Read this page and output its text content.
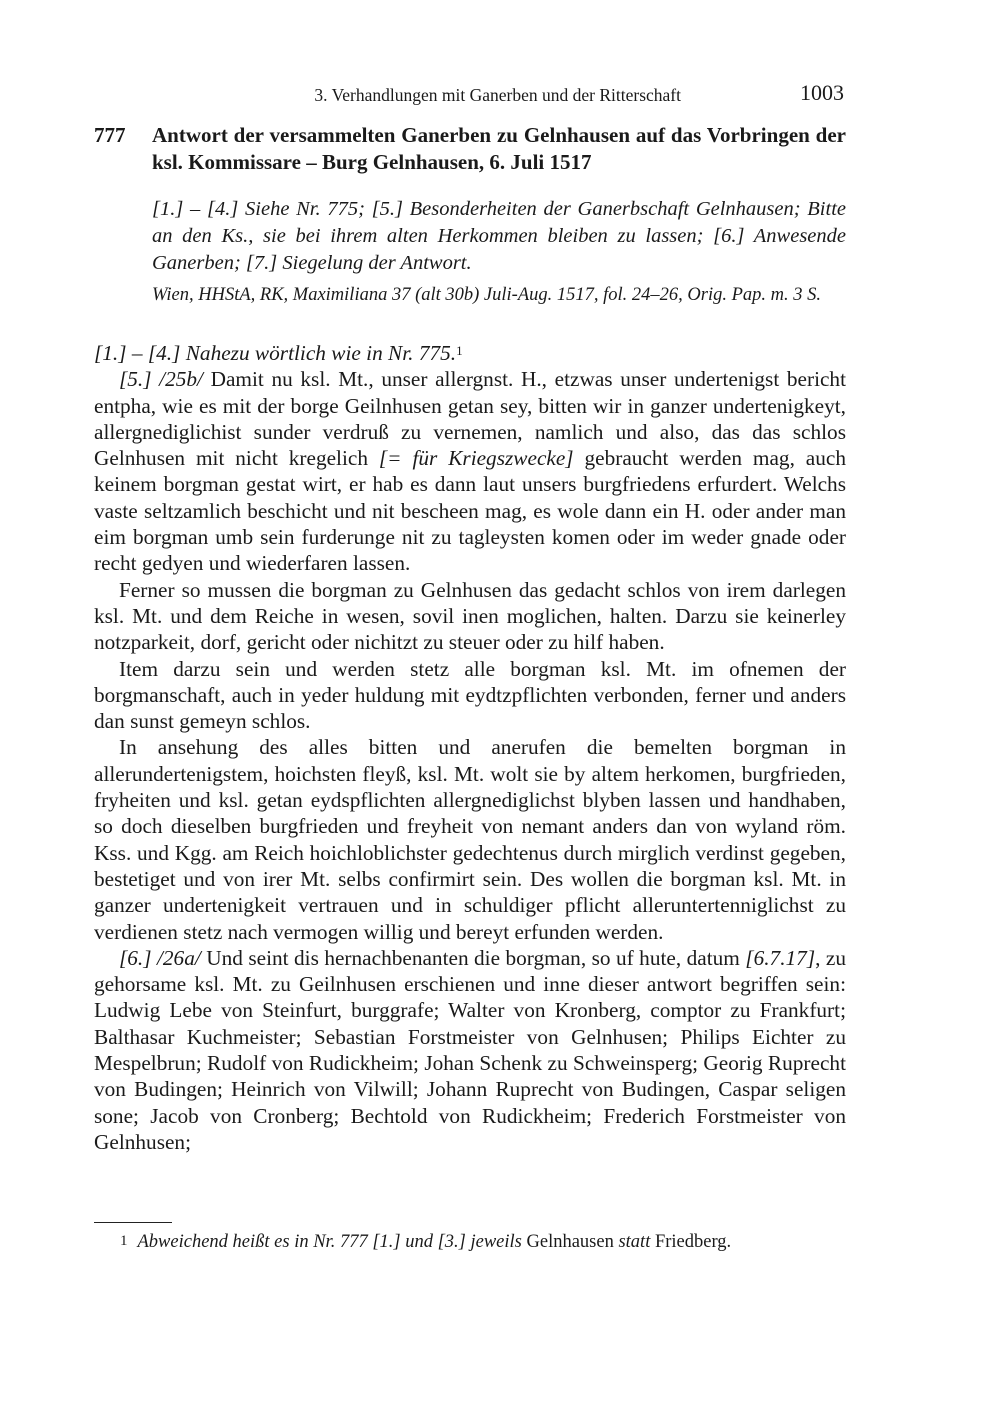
3. Verhandlungen mit Ganerben und der Ritterschaft	1003
777 Antwort der versammelten Ganerben zu Gelnhausen auf das Vorbringen der ksl. Kommissare – Burg Gelnhausen, 6. Juli 1517
[1.] – [4.] Siehe Nr. 775; [5.] Besonderheiten der Ganerbschaft Gelnhausen; Bitte an den Ks., sie bei ihrem alten Herkommen bleiben zu lassen; [6.] Anwesende Ganerben; [7.] Siegelung der Antwort.
Wien, HHStA, RK, Maximiliana 37 (alt 30b) Juli-Aug. 1517, fol. 24–26, Orig. Pap. m. 3 S.

[1.] – [4.] Nahezu wörtlich wie in Nr. 775.$^1$

[5.] /25b/ Damit nu ksl. Mt., unser allergnst. H., etzwas unser undertenigst bericht entpha, wie es mit der borge Geilnhusen getan sey, bitten wir in ganzer undertenigkeyt, allergnediglichist sunder verdruß zu vernemen, namlich und also, das das schlos Gelnhusen mit nicht kregelich [= für Kriegszwecke] gebraucht werden mag, auch keinem borgman gestat wirt, er hab es dann laut unsers burgfriedens erfurdert. Welchs vaste seltzamlich beschicht und nit bescheen mag, es wole dann ein H. oder ander man eim borgman umb sein furderunge nit zu tagleysten komen oder im weder gnade oder recht gedyen und wiederfaren lassen.

Ferner so mussen die borgman zu Gelnhusen das gedacht schlos von irem darlegen ksl. Mt. und dem Reiche in wesen, sovil inen moglichen, halten. Darzu sie keinerley notzparkeit, dorf, gericht oder nichitzt zu steuer oder zu hilf haben.

Item darzu sein und werden stetz alle borgman ksl. Mt. im ofnemen der borgmanschaft, auch in yeder huldung mit eydtzpflichten verbonden, ferner und anders dan sunst gemeyn schlos.

In ansehung des alles bitten und anerufen die bemelten borgman in allerundertenigstem, hoichsten fleyß, ksl. Mt. wolt sie by altem herkomen, burgfrieden, fryheiten und ksl. getan eydspflichten allergnediglichst blyben lassen und handhaben, so doch dieselben burgfrieden und freyheit von nemant anders dan von wyland röm. Kss. und Kgg. am Reich hoichloblichster gedechtenus durch mirglich verdinst gegeben, bestetiget und von irer Mt. selbs confirmirt sein. Des wollen die borgman ksl. Mt. in ganzer undertenigkeit vertrauen und in schuldiger pflicht alleruntertenniglichst zu verdienen stetz nach vermogen willig und bereyt erfunden werden.

[6.] /26a/ Und seint dis hernachbenanten die borgman, so uf hute, datum [6.7.17], zu gehorsame ksl. Mt. zu Geilnhusen erschienen und inne dieser antwort begriffen sein: Ludwig Lebe von Steinfurt, burggrafe; Walter von Kronberg, comptor zu Frankfurt; Balthasar Kuchmeister; Sebastian Forstmeister von Gelnhusen; Philips Eichter zu Mespelbrun; Rudolf von Rudickheim; Johan Schenk zu Schweinsperg; Georig Ruprecht von Budingen; Heinrich von Vilwill; Johann Ruprecht von Budingen, Caspar seligen sone; Jacob von Cronberg; Bechtold von Rudickheim; Frederich Forstmeister von Gelnhusen;

1 Abweichend heißt es in Nr. 777 [1.] und [3.] jeweils Gelnhausen statt Friedberg.
